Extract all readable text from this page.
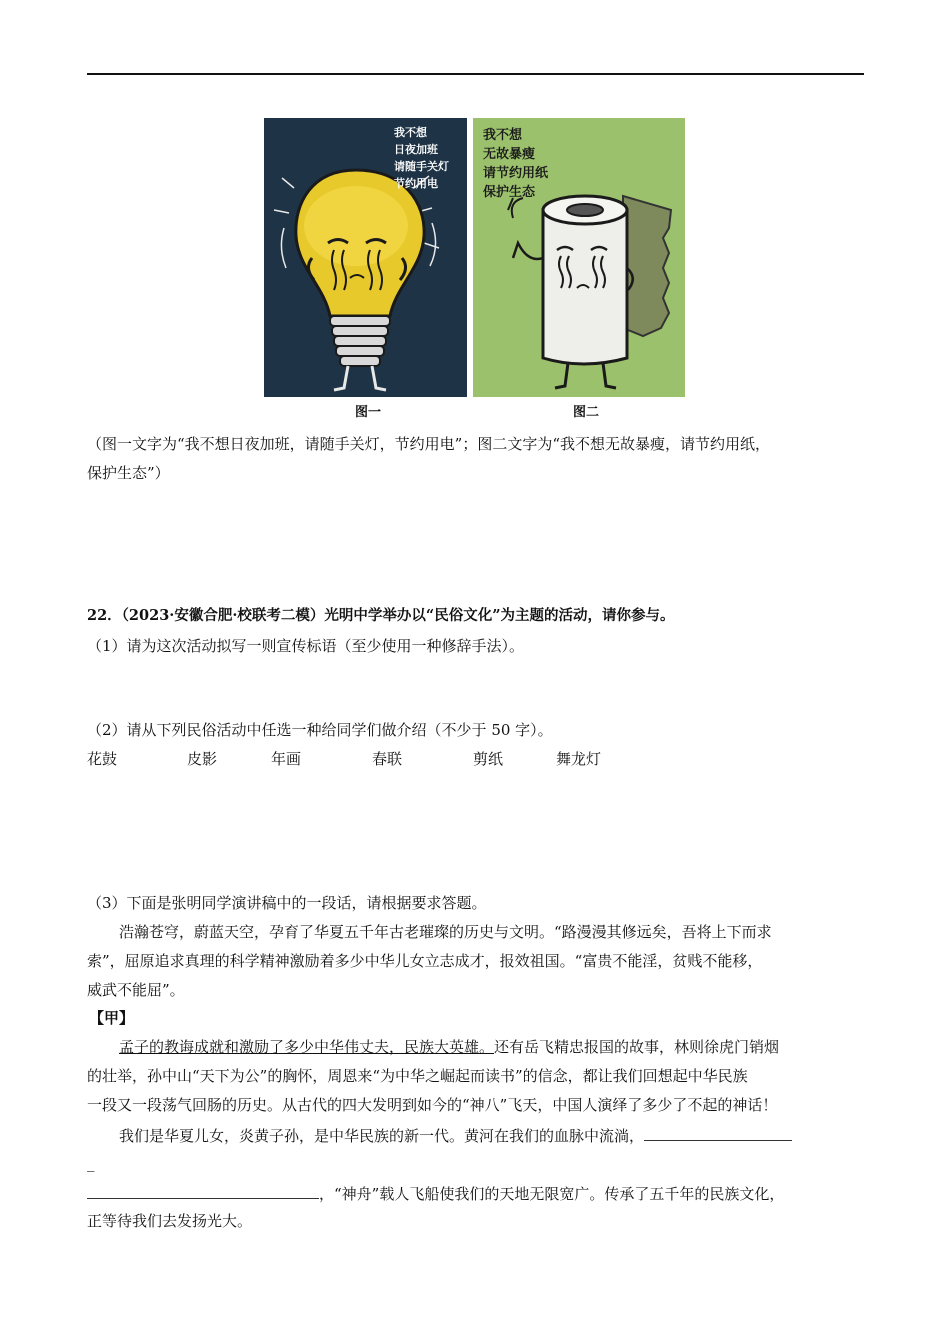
我不想
日夜加班
请随手关灯
节约用电
我不想
无故暴瘦
请节约用纸
保护生态
图一	图二
（图一文字为“我不想日夜加班，请随手关灯，节约用电”；图二文字为“我不想无故暴瘦，请节约用纸，
保护生态”）
22．（2023·安徽合肥·校联考二模）光明中学举办以“民俗文化”为主题的活动，请你参与。
（1）请为这次活动拟写一则宣传标语（至少使用一种修辞手法）。
（2）请从下列民俗活动中任选一种给同学们做介绍（不少于 50 字）。
花鼓	皮影	年画	春联	剪纸	舞龙灯
（3）下面是张明同学演讲稿中的一段话，请根据要求答题。
浩瀚苍穹，蔚蓝天空，孕育了华夏五千年古老璀璨的历史与文明。“路漫漫其修远矣，吾将上下而求
索”，屈原追求真理的科学精神激励着多少中华儿女立志成才，报效祖国。“富贵不能淫，贫贱不能移，
威武不能屈”。
【甲】
孟子的教诲成就和激励了多少中华伟丈夫，民族大英雄。还有岳飞精忠报国的故事，林则徐虎门销烟
的壮举，孙中山“天下为公”的胸怀，周恩来“为中华之崛起而读书”的信念，都让我们回想起中华民族
一段又一段荡气回肠的历史。从古代的四大发明到如今的“神八”飞天，中国人演绎了多少了不起的神话！
我们是华夏儿女，炎黄子孙，是中华民族的新一代。黄河在我们的血脉中流淌，
_
，“神舟”载人飞船使我们的天地无限宽广。传承了五千年的民族文化，
正等待我们去发扬光大。
